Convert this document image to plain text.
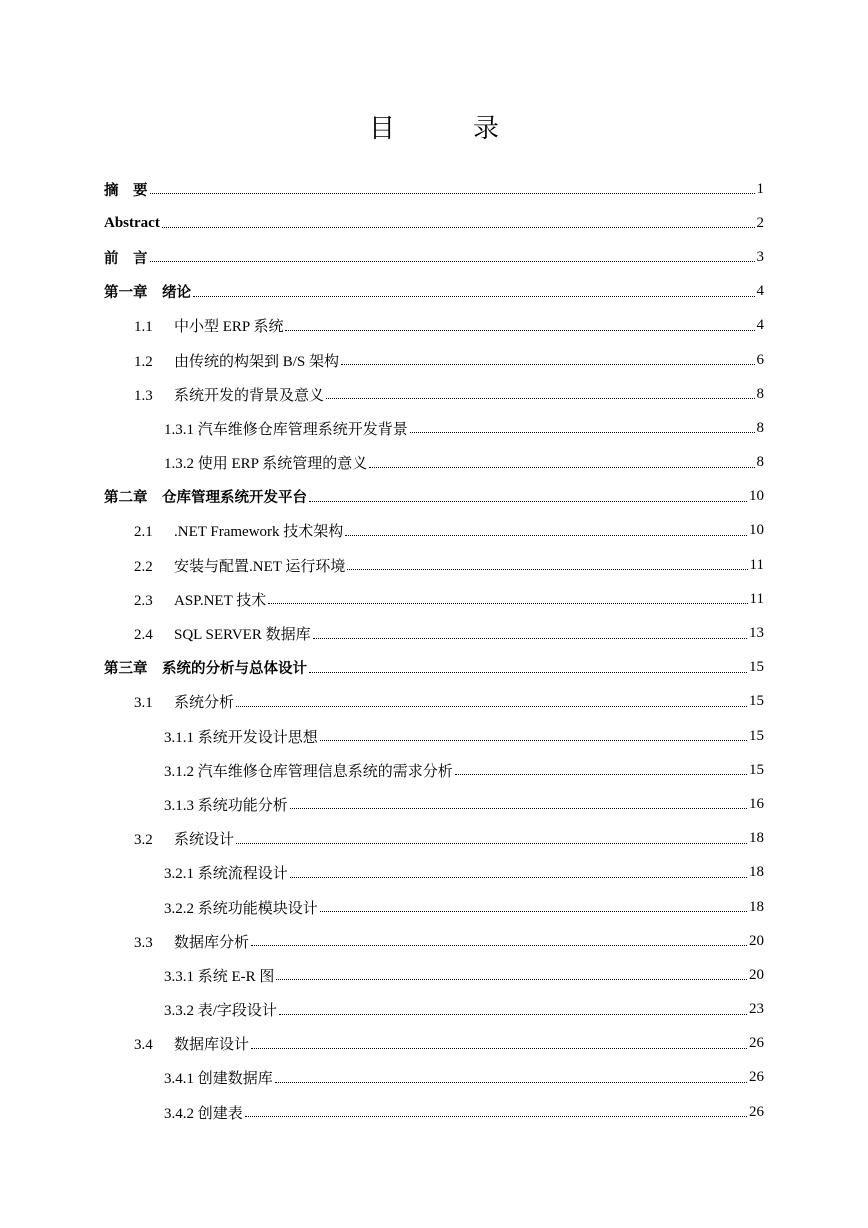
目　录
摘　要	1
Abstract	2
前　言	3
第一章　绪论	4
1.1 中小型 ERP 系统	4
1.2 由传统的构架到 B/S 架构	6
1.3 系统开发的背景及意义	8
1.3.1 汽车维修仓库管理系统开发背景	8
1.3.2 使用 ERP 系统管理的意义	8
第二章　仓库管理系统开发平台	10
2.1 .NET Framework 技术架构	10
2.2 安装与配置.NET 运行环境	11
2.3 ASP.NET 技术	11
2.4 SQL SERVER 数据库	13
第三章　系统的分析与总体设计	15
3.1 系统分析	15
3.1.1 系统开发设计思想	15
3.1.2 汽车维修仓库管理信息系统的需求分析	15
3.1.3 系统功能分析	16
3.2 系统设计	18
3.2.1 系统流程设计	18
3.2.2 系统功能模块设计	18
3.3 数据库分析	20
3.3.1 系统 E-R 图	20
3.3.2 表/字段设计	23
3.4 数据库设计	26
3.4.1 创建数据库	26
3.4.2 创建表	26
